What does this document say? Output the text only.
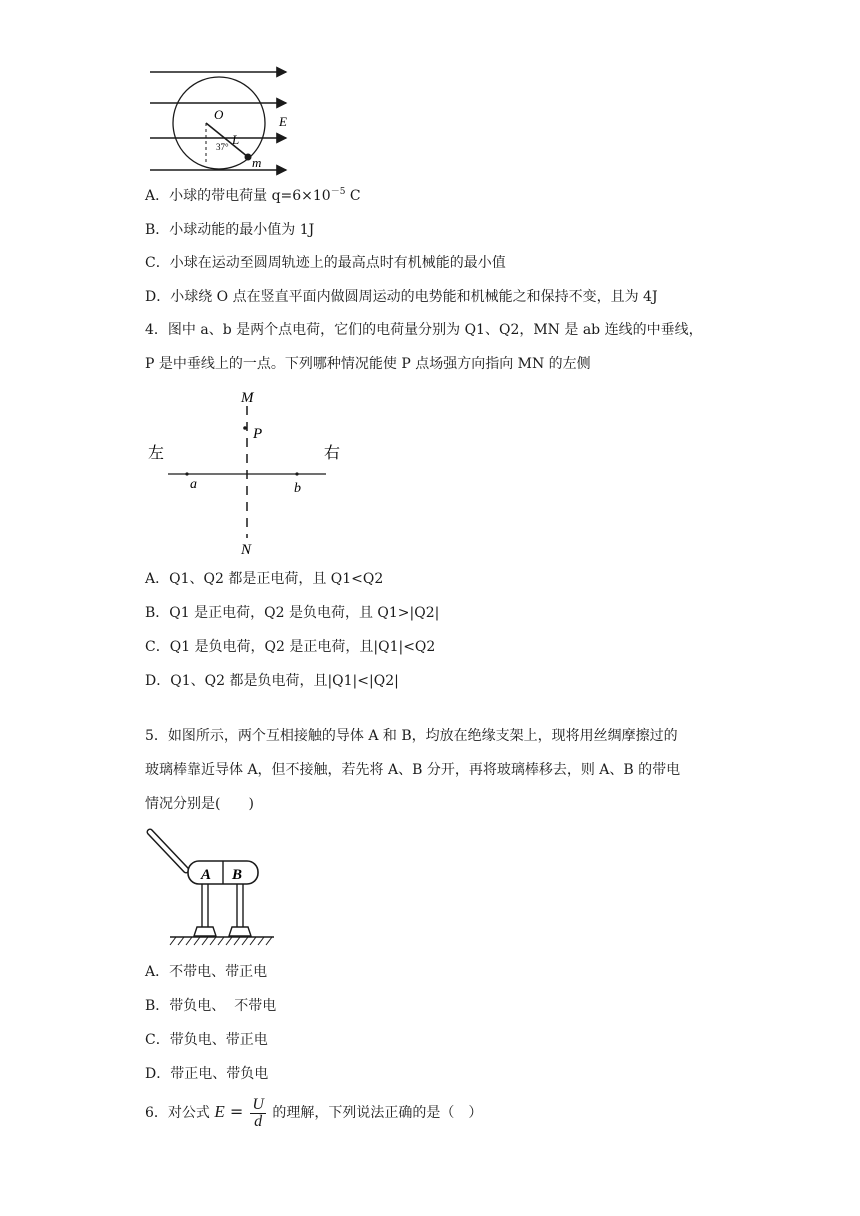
O
L
37°
m
E
A．小球的带电荷量 $q=6\times 10^{-5}$ C
B．小球动能的最小值为 1J
C．小球在运动至圆周轨迹上的最高点时有机械能的最小值
D．小球绕 O 点在竖直平面内做圆周运动的电势能和机械能之和保持不变，且为 4J
4．图中 a、b 是两个点电荷，它们的电荷量分别为 Q1、Q2，MN 是 ab 连线的中垂线，
P 是中垂线上的一点。下列哪种情况能使 P 点场强方向指向 MN 的左侧
M
P
N
a	b
左	右
A．Q1、Q2 都是正电荷，且 Q1<Q2
B．Q1 是正电荷，Q2 是负电荷，且 Q1>|Q2|
C．Q1 是负电荷，Q2 是正电荷，且|Q1|<Q2
D．Q1、Q2 都是负电荷，且|Q1|<|Q2|
5．如图所示，两个互相接触的导体 A 和 B，均放在绝缘支架上，现将用丝绸摩擦过的
玻璃棒靠近导体 A，但不接触，若先将 A、B 分开，再将玻璃棒移去，则 A、B 的带电
情况分别是(　　)
A B
A．不带电、带正电
B．带负电、  不带电
C．带负电、带正电
D．带正电、带负电
6．对公式 $E = \frac{U}{d}$ 的理解，下列说法正确的是（　）
